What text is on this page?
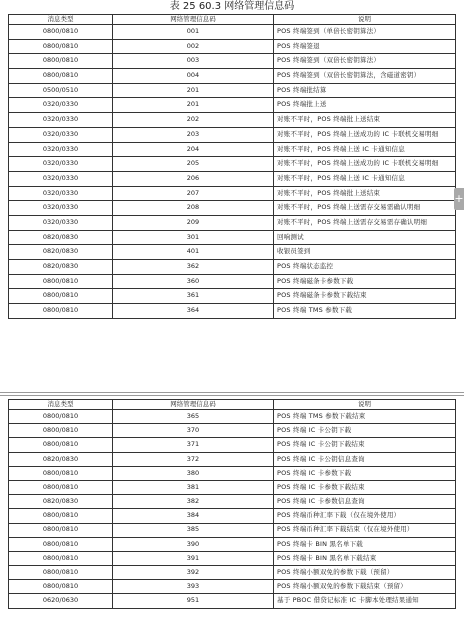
表 25 60.3 网络管理信息码
消息类型	网络管理信息码	说明
0800/0810	001	POS 终端签到（单倍长密钥算法）
0800/0810	002	POS 终端签退
0800/0810	003	POS 终端签到（双倍长密钥算法）
0800/0810	004	POS 终端签到（双倍长密钥算法，含磁道密钥）
0500/0510	201	POS 终端批结算
0320/0330	201	POS 终端批上送
0320/0330	202	对账不平时，POS 终端批上送结束
0320/0330	203	对账不平时，POS 终端上送成功的 IC 卡联机交易明细
0320/0330	204	对账不平时，POS 终端上送 IC 卡通知信息
0320/0330	205	对账不平时，POS 终端上送成功的 IC 卡联机交易明细
0320/0330	206	对账不平时，POS 终端上送 IC 卡通知信息
0320/0330	207	对账不平时，POS 终端批上送结束
0320/0330	208	对账不平时，POS 终端上送需存交易需确认明细
0320/0330	209	对账不平时，POS 终端上送需存交易需存确认明细
0820/0830	301	回响测试
0820/0830	401	收银员签到
0820/0830	362	POS 终端状态监控
0800/0810	360	POS 终端磁条卡参数下载
0800/0810	361	POS 终端磁条卡参数下载结束
0800/0810	364	POS 终端 TMS 参数下载
消息类型	网络管理信息码	说明
0800/0810	365	POS 终端 TMS 参数下载结束
0800/0810	370	POS 终端 IC 卡公钥下载
0800/0810	371	POS 终端 IC 卡公钥下载结束
0820/0830	372	POS 终端 IC 卡公钥信息查询
0800/0810	380	POS 终端 IC 卡参数下载
0800/0810	381	POS 终端 IC 卡参数下载结束
0820/0830	382	POS 终端 IC 卡参数信息查询
0800/0810	384	POS 终端币种汇率下载（仅在境外使用）
0800/0810	385	POS 终端币种汇率下载结束（仅在境外使用）
0800/0810	390	POS 终端卡 BIN 黑名单下载
0800/0810	391	POS 终端卡 BIN 黑名单下载结束
0800/0810	392	POS 终端小额双免的参数下载（预留）
0800/0810	393	POS 终端小额双免的参数下载结束（预留）
0620/0630	951	基于 PBOC 借贷记标准 IC 卡脚本处理结果通知
+
